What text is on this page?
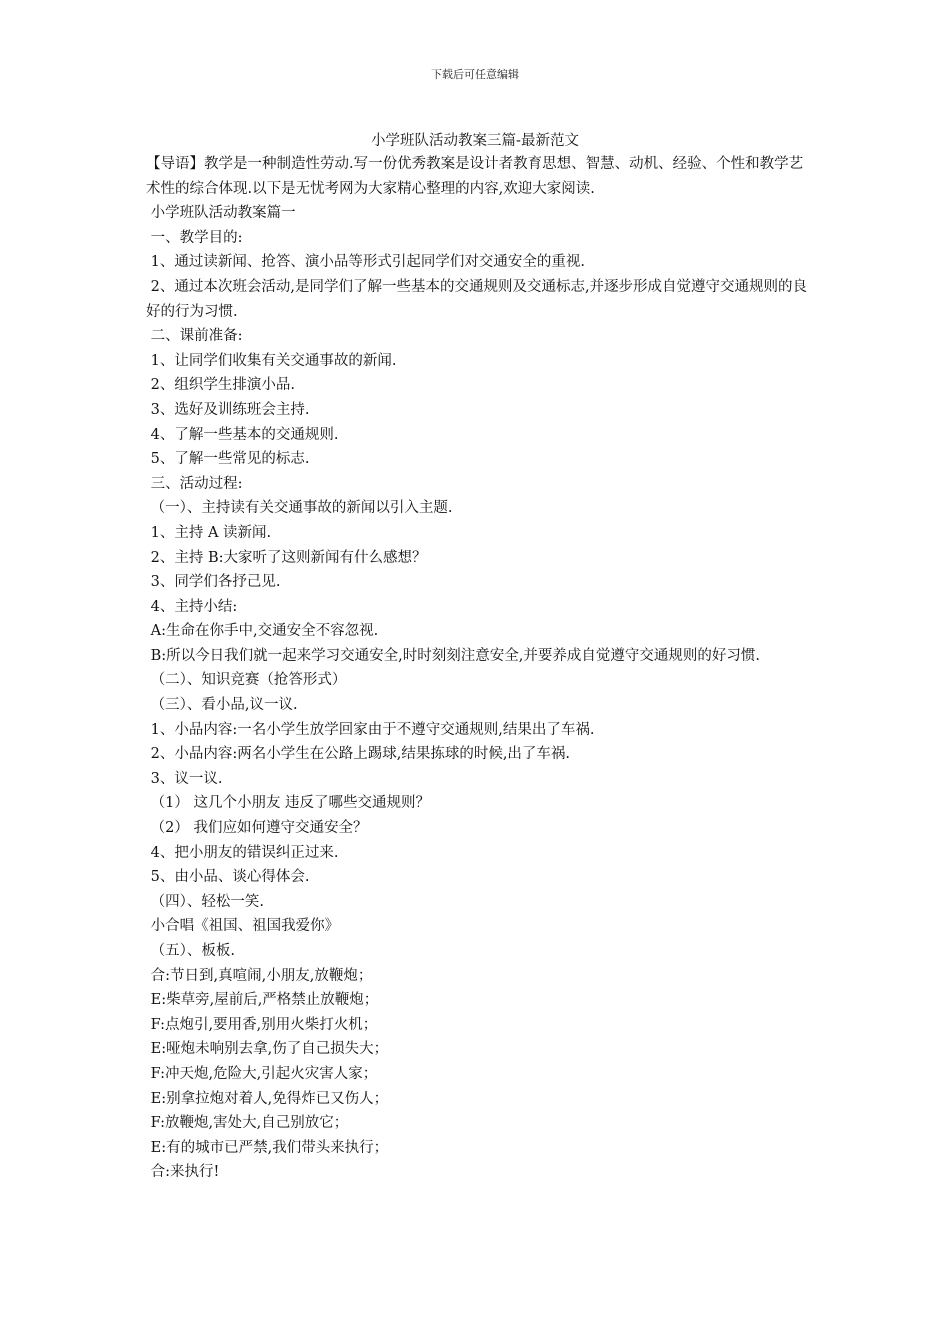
下载后可任意编辑
小学班队活动教案三篇-最新范文

【导语】教学是一种制造性劳动.写一份优秀教案是设计者教育思想、智慧、动机、经验、个性和教学艺术性的综合体现.以下是无忧考网为大家精心整理的内容,欢迎大家阅读.

小学班队活动教案篇一

一、教学目的:

1、通过读新闻、抢答、演小品等形式引起同学们对交通安全的重视.

2、通过本次班会活动,是同学们了解一些基本的交通规则及交通标志,并逐步形成自觉遵守交通规则的良好的行为习惯.

二、课前准备:

1、让同学们收集有关交通事故的新闻.

2、组织学生排演小品.

3、选好及训练班会主持.

4、了解一些基本的交通规则.

5、了解一些常见的标志.

三、活动过程:

（一）、主持读有关交通事故的新闻以引入主题.

1、主持 A 读新闻.

2、主持 B:大家听了这则新闻有什么感想？

3、同学们各抒己见.

4、主持小结:

A:生命在你手中,交通安全不容忽视.

B:所以今日我们就一起来学习交通安全,时时刻刻注意安全,并要养成自觉遵守交通规则的好习惯.

（二）、知识竞赛（抢答形式）

（三）、看小品,议一议.

1、小品内容:一名小学生放学回家由于不遵守交通规则,结果出了车祸.

2、小品内容:两名小学生在公路上踢球,结果拣球的时候,出了车祸.

3、议一议.

（1） 这几个小朋友 违反了哪些交通规则？

（2） 我们应如何遵守交通安全？

4、把小朋友的错误纠正过来.

5、由小品、谈心得体会.

（四）、轻松一笑.

小合唱《祖国、祖国我爱你》

（五）、板板.

合:节日到,真喧闹,小朋友,放鞭炮；

E:柴草旁,屋前后,严格禁止放鞭炮；

F:点炮引,要用香,别用火柴打火机；

E:哑炮未响别去拿,伤了自己损失大；

F:冲天炮,危险大,引起火灾害人家；

E:别拿拉炮对着人,免得炸已又伤人；

F:放鞭炮,害处大,自己别放它；

E:有的城市已严禁,我们带头来执行；

合:来执行!
